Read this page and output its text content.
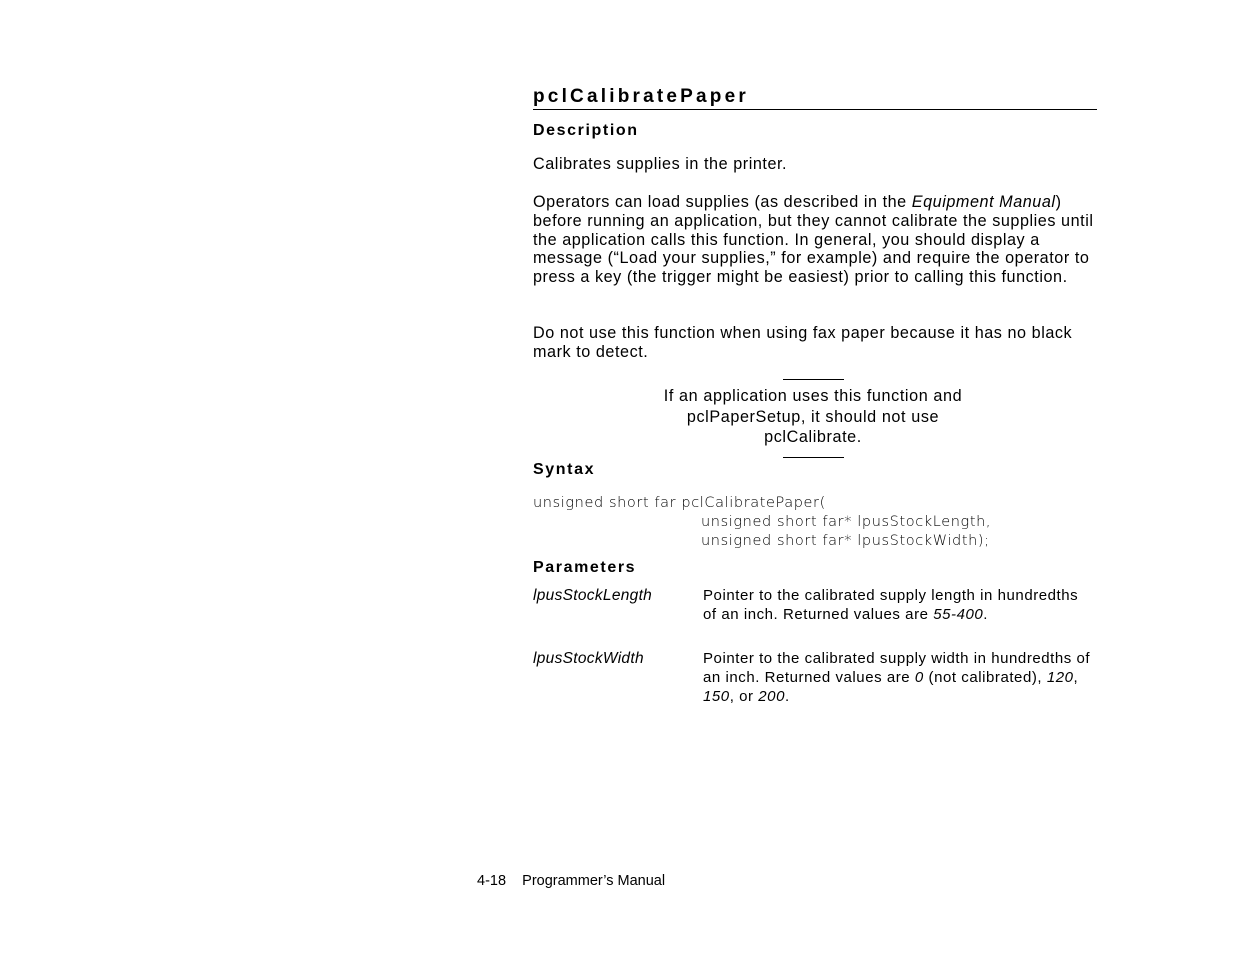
pclCalibratePaper
Description
Calibrates supplies in the printer.

Operators can load supplies (as described in the Equipment Manual) before running an application, but they cannot calibrate the supplies until the application calls this function. In general, you should display a message (“Load your supplies,” for example) and require the operator to press a key (the trigger might be easiest) prior to calling this function.

Do not use this function when using fax paper because it has no black mark to detect.

If an application uses this function and
pclPaperSetup, it should not use
pclCalibrate.
Syntax
unsigned short far pclCalibratePaper(
unsigned short far* lpusStockLength,
unsigned short far* lpusStockWidth);
Parameters
lpusStockLength	Pointer to the calibrated supply length in hundredths of an inch. Returned values are 55-400.

lpusStockWidth	Pointer to the calibrated supply width in hundredths of an inch. Returned values are 0 (not calibrated), 120, 150, or 200.

4-18 Programmer’s Manual
